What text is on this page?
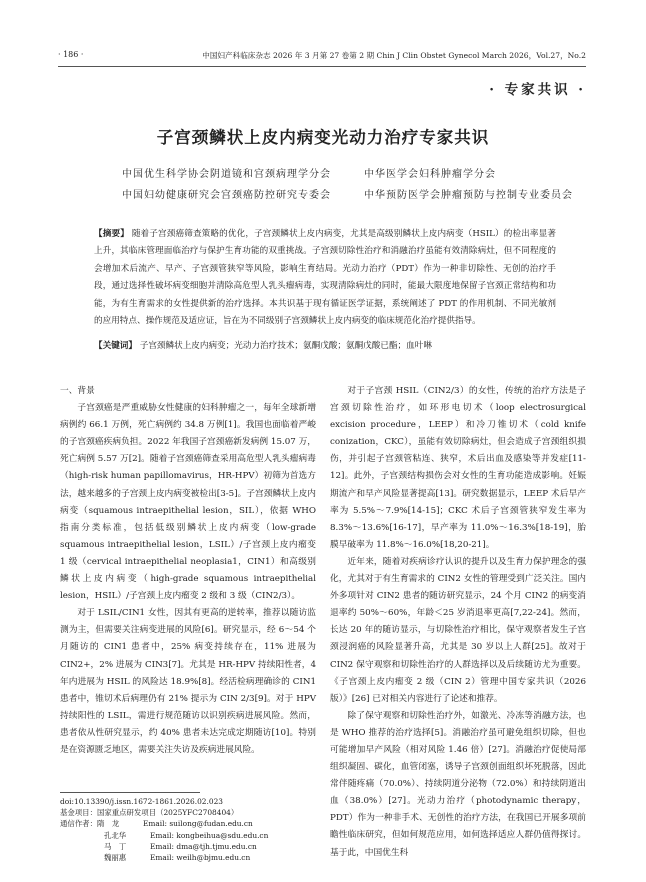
· 186 ·	中国妇产科临床杂志 2026 年 3 月第 27 卷第 2 期 Chin J Clin Obstet Gynecol March 2026，Vol.27，No.2
· 专家共识 ·
子宫颈鳞状上皮内病变光动力治疗专家共识
中国优生科学协会阴道镜和宫颈病理学分会	中华医学会妇科肿瘤学分会
中国妇幼健康研究会宫颈癌防控研究专委会	中华预防医学会肿瘤预防与控制专业委员会
【摘要】 随着子宫颈癌筛查策略的优化，子宫颈鳞状上皮内病变，尤其是高级别鳞状上皮内病变（HSIL）的检出率显著上升，其临床管理面临治疗与保护生育功能的双重挑战。子宫颈切除性治疗和消融治疗虽能有效清除病灶，但不同程度的会增加术后流产、早产、子宫颈管狭窄等风险，影响生育结局。光动力治疗（PDT）作为一种非切除性、无创的治疗手段，通过选择性破坏病变细胞并清除高危型人乳头瘤病毒，实现清除病灶的同时，能最大限度地保留子宫颈正常结构和功能，为有生育需求的女性提供新的治疗选择。本共识基于现有循证医学证据，系统阐述了 PDT 的作用机制、不同光敏剂的应用特点、操作规范及适应证，旨在为不同级别子宫颈鳞状上皮内病变的临床规范化治疗提供指导。
【关键词】 子宫颈鳞状上皮内病变；光动力治疗技术；氨酮戊酸；氨酮戊酸已酯；血叶啉

一、背景

子宫颈癌是严重威胁女性健康的妇科肿瘤之一，每年全球新增病例约 66.1 万例，死亡病例约 34.8 万例[1]。我国也面临着严峻的子宫颈癌疾病负担。2022 年我国子宫颈癌新发病例 15.07 万，死亡病例 5.57 万[2]。随着子宫颈癌筛查采用高危型人乳头瘤病毒（high-risk human papillomavirus，HR-HPV）初筛为首选方法，越来越多的子宫颈上皮内病变被检出[3-5]。子宫颈鳞状上皮内病变（squamous intraepithelial lesion，SIL），依据 WHO 指南分类标准，包括低级别鳞状上皮内病变（low-grade squamous intraepithelial lesion，LSIL）/子宫颈上皮内瘤变 1 级（cervical intraepithelial neoplasia1，CIN1）和高级别鳞状上皮内病变（high-grade squamous intraepithelial lesion，HSIL）/子宫颈上皮内瘤变 2 级和 3 级（CIN2/3）。

对于 LSIL/CIN1 女性，因其有更高的逆转率，推荐以随访监测为主，但需要关注病变进展的风险[6]。研究显示，经 6～54 个月随访的 CIN1 患者中，25% 病变持续存在，11% 进展为 CIN2+，2% 进展为 CIN3[7]。尤其是 HR-HPV 持续阳性者，4 年内进展为 HSIL 的风险达 18.9%[8]。经活检病理确诊的 CIN1 患者中，锥切术后病理仍有 21% 提示为 CIN 2/3[9]。对于 HPV 持续阳性的 LSIL，需进行规范随访以识别疾病进展风险。然而，患者依从性研究显示，约 40% 患者未达完成定期随访[10]。特别是在资源匮乏地区，需要关注失访及疾病进展风险。

对于子宫颈 HSIL（CIN2/3）的女性，传统的治疗方法是子宫颈切除性治疗，如环形电切术（loop electrosurgical excision procedure，LEEP）和冷刀锥切术（cold knife conization，CKC），虽能有效切除病灶，但会造成子宫颈组织损伤，并引起子宫颈管粘连、狭窄，术后出血及感染等并发症[11-12]。此外，子宫颈结构损伤会对女性的生育功能造成影响。妊娠期流产和早产风险显著提高[13]。研究数据显示，LEEP 术后早产率为 5.5%～7.9%[14-15]；CKC 术后子宫颈管狭窄发生率为 8.3%～13.6%[16-17]，早产率为 11.0%～16.3%[18-19]，胎膜早破率为 11.8%～16.0%[18,20-21]。

近年来，随着对疾病诊疗认识的提升以及生育力保护理念的强化，尤其对于有生育需求的 CIN2 女性的管理受到广泛关注。国内外多项针对 CIN2 患者的随访研究显示，24 个月 CIN2 的病变消退率约 50%～60%，年龄＜25 岁消退率更高[7,22-24]。然而，长达 20 年的随访显示，与切除性治疗相比，保守观察者发生子宫颈浸润癌的风险显著升高，尤其是 30 岁以上人群[25]。故对于 CIN2 保守观察和切除性治疗的人群选择以及后续随访尤为重要。《子宫颈上皮内瘤变 2 级（CIN 2）管理中国专家共识（2026 版）》[26] 已对相关内容进行了论述和推荐。

除了保守观察和切除性治疗外，如激光、冷冻等消融方法，也是 WHO 推荐的治疗选择[5]。消融治疗虽可避免组织切除，但也可能增加早产风险（相对风险 1.46 倍）[27]。消融治疗促使局部组织凝固、碳化，血管闭塞，诱导子宫颈创面组织坏死脱落，因此常伴随疼痛（70.0%）、持续阴道分泌物（72.0%）和持续阴道出血（38.0%）[27]。光动力治疗（photodynamic therapy，PDT）作为一种非手术、无创性的治疗方法，在我国已开展多项前瞻性临床研究，但如何规范应用，如何选择适应人群仍值得探讨。基于此，中国优生科

doi:10.13390/j.issn.1672-1861.2026.02.023
基金项目：国家重点研发项目（2025YFC2708404）
通信作者：隋　龙	Email: suilong@fudan.edu.cn
孔北华	Email: kongbeihua@sdu.edu.cn
马　丁	Email: dma@tjh.tjmu.edu.cn
魏丽惠	Email: weilh@bjmu.edu.cn
